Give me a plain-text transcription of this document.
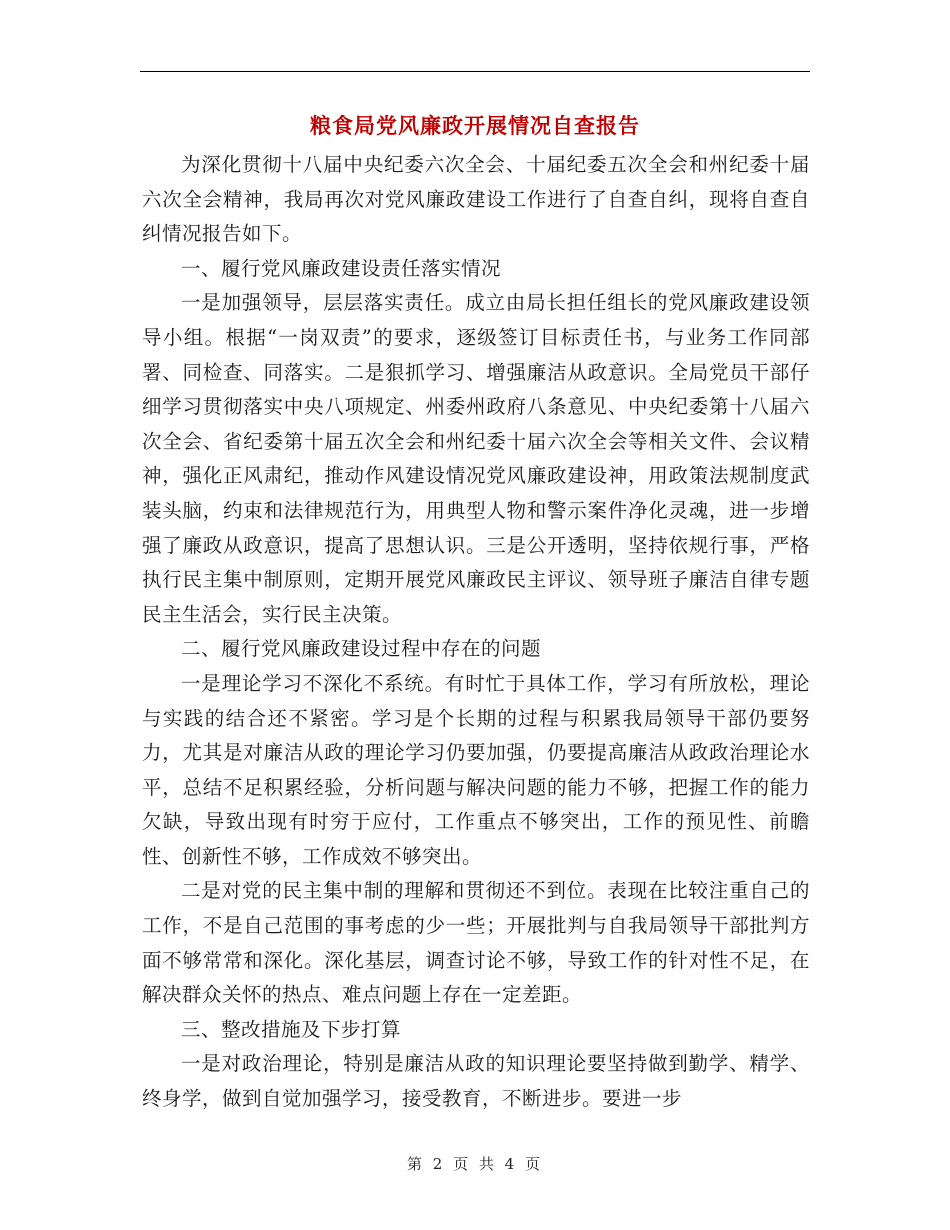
粮食局党风廉政开展情况自查报告

为深化贯彻十八届中央纪委六次全会、十届纪委五次全会和州纪委十届六次全会精神，我局再次对党风廉政建设工作进行了自查自纠，现将自查自纠情况报告如下。

一、履行党风廉政建设责任落实情况

一是加强领导，层层落实责任。成立由局长担任组长的党风廉政建设领导小组。根据“一岗双责”的要求，逐级签订目标责任书，与业务工作同部署、同检查、同落实。二是狠抓学习、增强廉洁从政意识。全局党员干部仔细学习贯彻落实中央八项规定、州委州政府八条意见、中央纪委第十八届六次全会、省纪委第十届五次全会和州纪委十届六次全会等相关文件、会议精神，强化正风肃纪，推动作风建设情况党风廉政建设神，用政策法规制度武装头脑，约束和法律规范行为，用典型人物和警示案件净化灵魂，进一步增强了廉政从政意识，提高了思想认识。三是公开透明，坚持依规行事，严格执行民主集中制原则，定期开展党风廉政民主评议、领导班子廉洁自律专题民主生活会，实行民主决策。

二、履行党风廉政建设过程中存在的问题

一是理论学习不深化不系统。有时忙于具体工作，学习有所放松，理论与实践的结合还不紧密。学习是个长期的过程与积累我局领导干部仍要努力，尤其是对廉洁从政的理论学习仍要加强，仍要提高廉洁从政政治理论水平，总结不足积累经验，分析问题与解决问题的能力不够，把握工作的能力欠缺，导致出现有时穷于应付，工作重点不够突出，工作的预见性、前瞻性、创新性不够，工作成效不够突出。

二是对党的民主集中制的理解和贯彻还不到位。表现在比较注重自己的工作，不是自己范围的事考虑的少一些；开展批判与自我局领导干部批判方面不够常常和深化。深化基层，调查讨论不够，导致工作的针对性不足，在解决群众关怀的热点、难点问题上存在一定差距。

三、整改措施及下步打算

一是对政治理论，特别是廉洁从政的知识理论要坚持做到勤学、精学、终身学，做到自觉加强学习，接受教育，不断进步。要进一步

第 2 页 共 4 页
